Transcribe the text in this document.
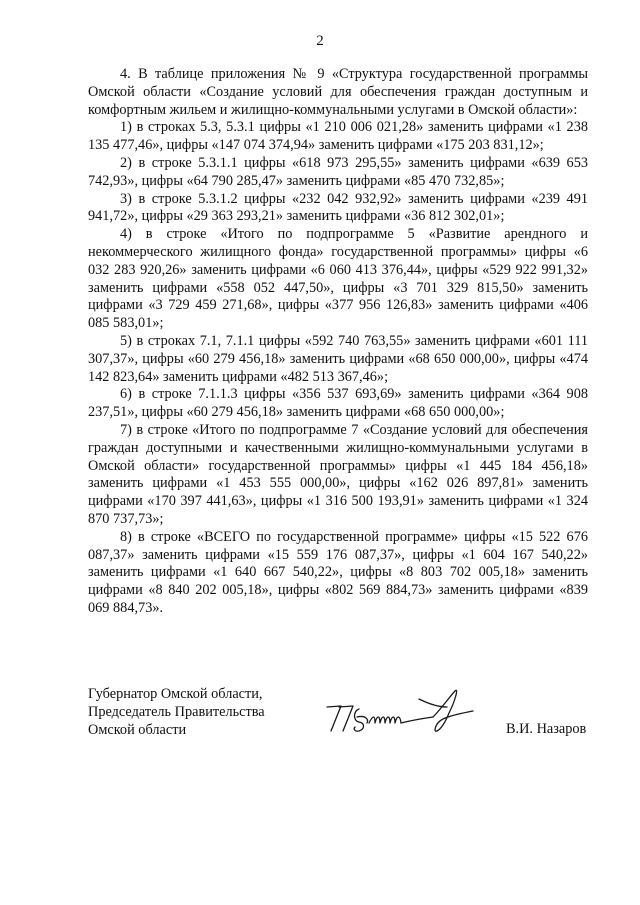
2

4. В таблице приложения № 9 «Структура государственной программы Омской области «Создание условий для обеспечения граждан доступным и комфортным жильем и жилищно-коммунальными услугами в Омской области»:

1) в строках 5.3, 5.3.1 цифры «1 210 006 021,28» заменить цифрами «1 238 135 477,46», цифры «147 074 374,94» заменить цифрами «175 203 831,12»;

2) в строке 5.3.1.1 цифры «618 973 295,55» заменить цифрами «639 653 742,93», цифры «64 790 285,47» заменить цифрами «85 470 732,85»;

3) в строке 5.3.1.2 цифры «232 042 932,92» заменить цифрами «239 491 941,72», цифры «29 363 293,21» заменить цифрами «36 812 302,01»;

4) в строке «Итого по подпрограмме 5 «Развитие арендного и некоммерческого жилищного фонда» государственной программы» цифры «6 032 283 920,26» заменить цифрами «6 060 413 376,44», цифры «529 922 991,32» заменить цифрами «558 052 447,50», цифры «3 701 329 815,50» заменить цифрами «3 729 459 271,68», цифры «377 956 126,83» заменить цифрами «406 085 583,01»;

5) в строках 7.1, 7.1.1 цифры «592 740 763,55» заменить цифрами «601 111 307,37», цифры «60 279 456,18» заменить цифрами «68 650 000,00», цифры «474 142 823,64» заменить цифрами «482 513 367,46»;

6) в строке 7.1.1.3 цифры «356 537 693,69» заменить цифрами «364 908 237,51», цифры «60 279 456,18» заменить цифрами «68 650 000,00»;

7) в строке «Итого по подпрограмме 7 «Создание условий для обеспечения граждан доступными и качественными жилищно-коммунальными услугами в Омской области» государственной программы» цифры «1 445 184 456,18» заменить цифрами «1 453 555 000,00», цифры «162 026 897,81» заменить цифрами «170 397 441,63», цифры «1 316 500 193,91» заменить цифрами «1 324 870 737,73»;

8) в строке «ВСЕГО по государственной программе» цифры «15 522 676 087,37» заменить цифрами «15 559 176 087,37», цифры «1 604 167 540,22» заменить цифрами «1 640 667 540,22», цифры «8 803 702 005,18» заменить цифрами «8 840 202 005,18», цифры «802 569 884,73» заменить цифрами «839 069 884,73».

Губернатор Омской области,
Председатель Правительства
Омской области	В.И. Назаров
